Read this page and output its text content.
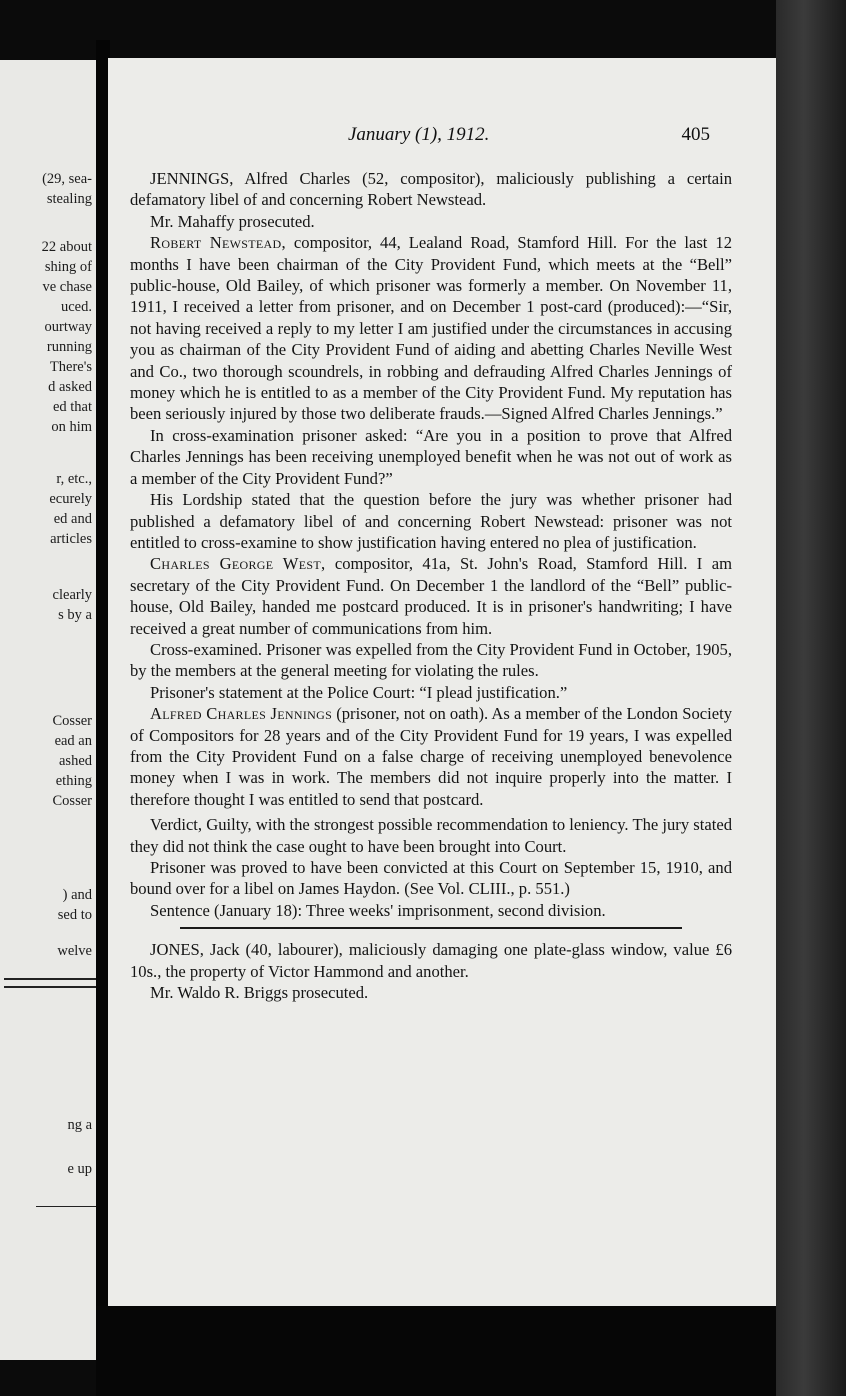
(29, sea-
stealing
22 about
shing of
ve chase
uced.
ourtway
running
There's
d asked
ed that
on him
r, etc.,
ecurely
ed and
articles
clearly
s by a
Cosser
ead an
ashed
ething
Cosser
) and
sed to
welve
ng a
e up
January (1), 1912.	405

JENNINGS, Alfred Charles (52, compositor), maliciously publishing a certain defamatory libel of and concerning Robert Newstead.

Mr. Mahaffy prosecuted.

Robert Newstead, compositor, 44, Lealand Road, Stamford Hill. For the last 12 months I have been chairman of the City Provident Fund, which meets at the “Bell” public-house, Old Bailey, of which prisoner was formerly a member. On November 11, 1911, I received a letter from prisoner, and on December 1 post-card (produced):—“Sir, not having received a reply to my letter I am justified under the circumstances in accusing you as chairman of the City Provident Fund of aiding and abetting Charles Neville West and Co., two thorough scoundrels, in robbing and defrauding Alfred Charles Jennings of money which he is entitled to as a member of the City Provident Fund. My reputation has been seriously injured by those two deliberate frauds.—Signed Alfred Charles Jennings.”

In cross-examination prisoner asked: “Are you in a position to prove that Alfred Charles Jennings has been receiving unemployed benefit when he was not out of work as a member of the City Provident Fund?”

His Lordship stated that the question before the jury was whether prisoner had published a defamatory libel of and concerning Robert Newstead: prisoner was not entitled to cross-examine to show justification having entered no plea of justification.

Charles George West, compositor, 41a, St. John's Road, Stamford Hill. I am secretary of the City Provident Fund. On December 1 the landlord of the “Bell” public-house, Old Bailey, handed me postcard produced. It is in prisoner's handwriting; I have received a great number of communications from him.

Cross-examined. Prisoner was expelled from the City Provident Fund in October, 1905, by the members at the general meeting for violating the rules.

Prisoner's statement at the Police Court: “I plead justification.”

Alfred Charles Jennings (prisoner, not on oath). As a member of the London Society of Compositors for 28 years and of the City Provident Fund for 19 years, I was expelled from the City Provident Fund on a false charge of receiving unemployed benevolence money when I was in work. The members did not inquire properly into the matter. I therefore thought I was entitled to send that postcard.

Verdict, Guilty, with the strongest possible recommendation to leniency. The jury stated they did not think the case ought to have been brought into Court.

Prisoner was proved to have been convicted at this Court on September 15, 1910, and bound over for a libel on James Haydon. (See Vol. CLIII., p. 551.)

Sentence (January 18): Three weeks' imprisonment, second division.

JONES, Jack (40, labourer), maliciously damaging one plate-glass window, value £6 10s., the property of Victor Hammond and another.

Mr. Waldo R. Briggs prosecuted.
